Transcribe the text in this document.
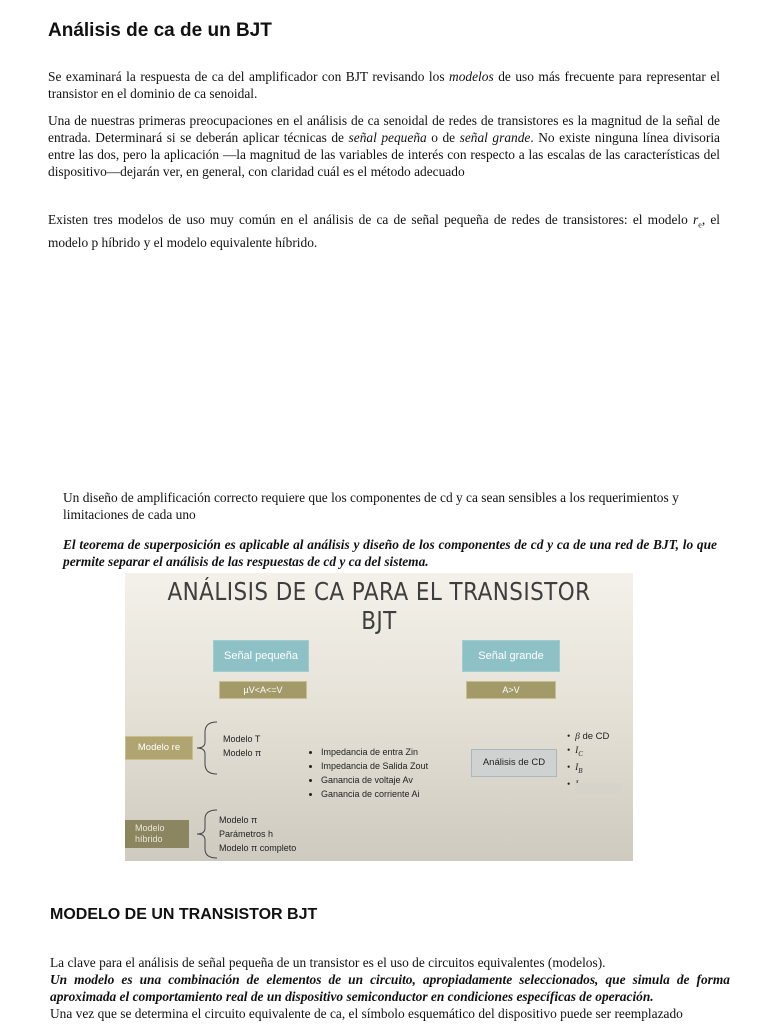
Análisis de ca de un BJT
Se examinará la respuesta de ca del amplificador con BJT revisando los modelos de uso más frecuente para representar el transistor en el dominio de ca senoidal.
Una de nuestras primeras preocupaciones en el análisis de ca senoidal de redes de transistores es la magnitud de la señal de entrada. Determinará si se deberán aplicar técnicas de señal pequeña o de señal grande. No existe ninguna línea divisoria entre las dos, pero la aplicación —la magnitud de las variables de interés con respecto a las escalas de las características del dispositivo—dejarán ver, en general, con claridad cuál es el método adecuado
Existen tres modelos de uso muy común en el análisis de ca de señal pequeña de redes de transistores: el modelo $r_e$, el modelo p híbrido y el modelo equivalente híbrido.
Un diseño de amplificación correcto requiere que los componentes de cd y ca sean sensibles a los requerimientos y limitaciones de cada uno
El teorema de superposición es aplicable al análisis y diseño de los componentes de cd y ca de una red de BJT, lo que permite separar el análisis de las respuestas de cd y ca del sistema.
ANÁLISIS DE CA PARA EL TRANSISTOR BJT
Señal pequeña	Señal grande
µV<A<=V	A>V
Modelo re
Modelo T
Modelo π
•	Impedancia de entra Zin
• Impedancia de Salida Zout
• Ganancia de voltaje Av
• Ganancia de corriente Ai
Análisis de CD
•  β de CD
•  $I_C$
•  $I_B$
•
Modelo
híbrido
Modelo π
Parámetros h
Modelo π completo
MODELO DE UN TRANSISTOR BJT
La clave para el análisis de señal pequeña de un transistor es el uso de circuitos equivalentes (modelos).
Un modelo es una combinación de elementos de un circuito, apropiadamente seleccionados, que simula de forma aproximada el comportamiento real de un dispositivo semiconductor en condiciones específicas de operación.
Una vez que se determina el circuito equivalente de ca, el símbolo esquemático del dispositivo puede ser reemplazado
